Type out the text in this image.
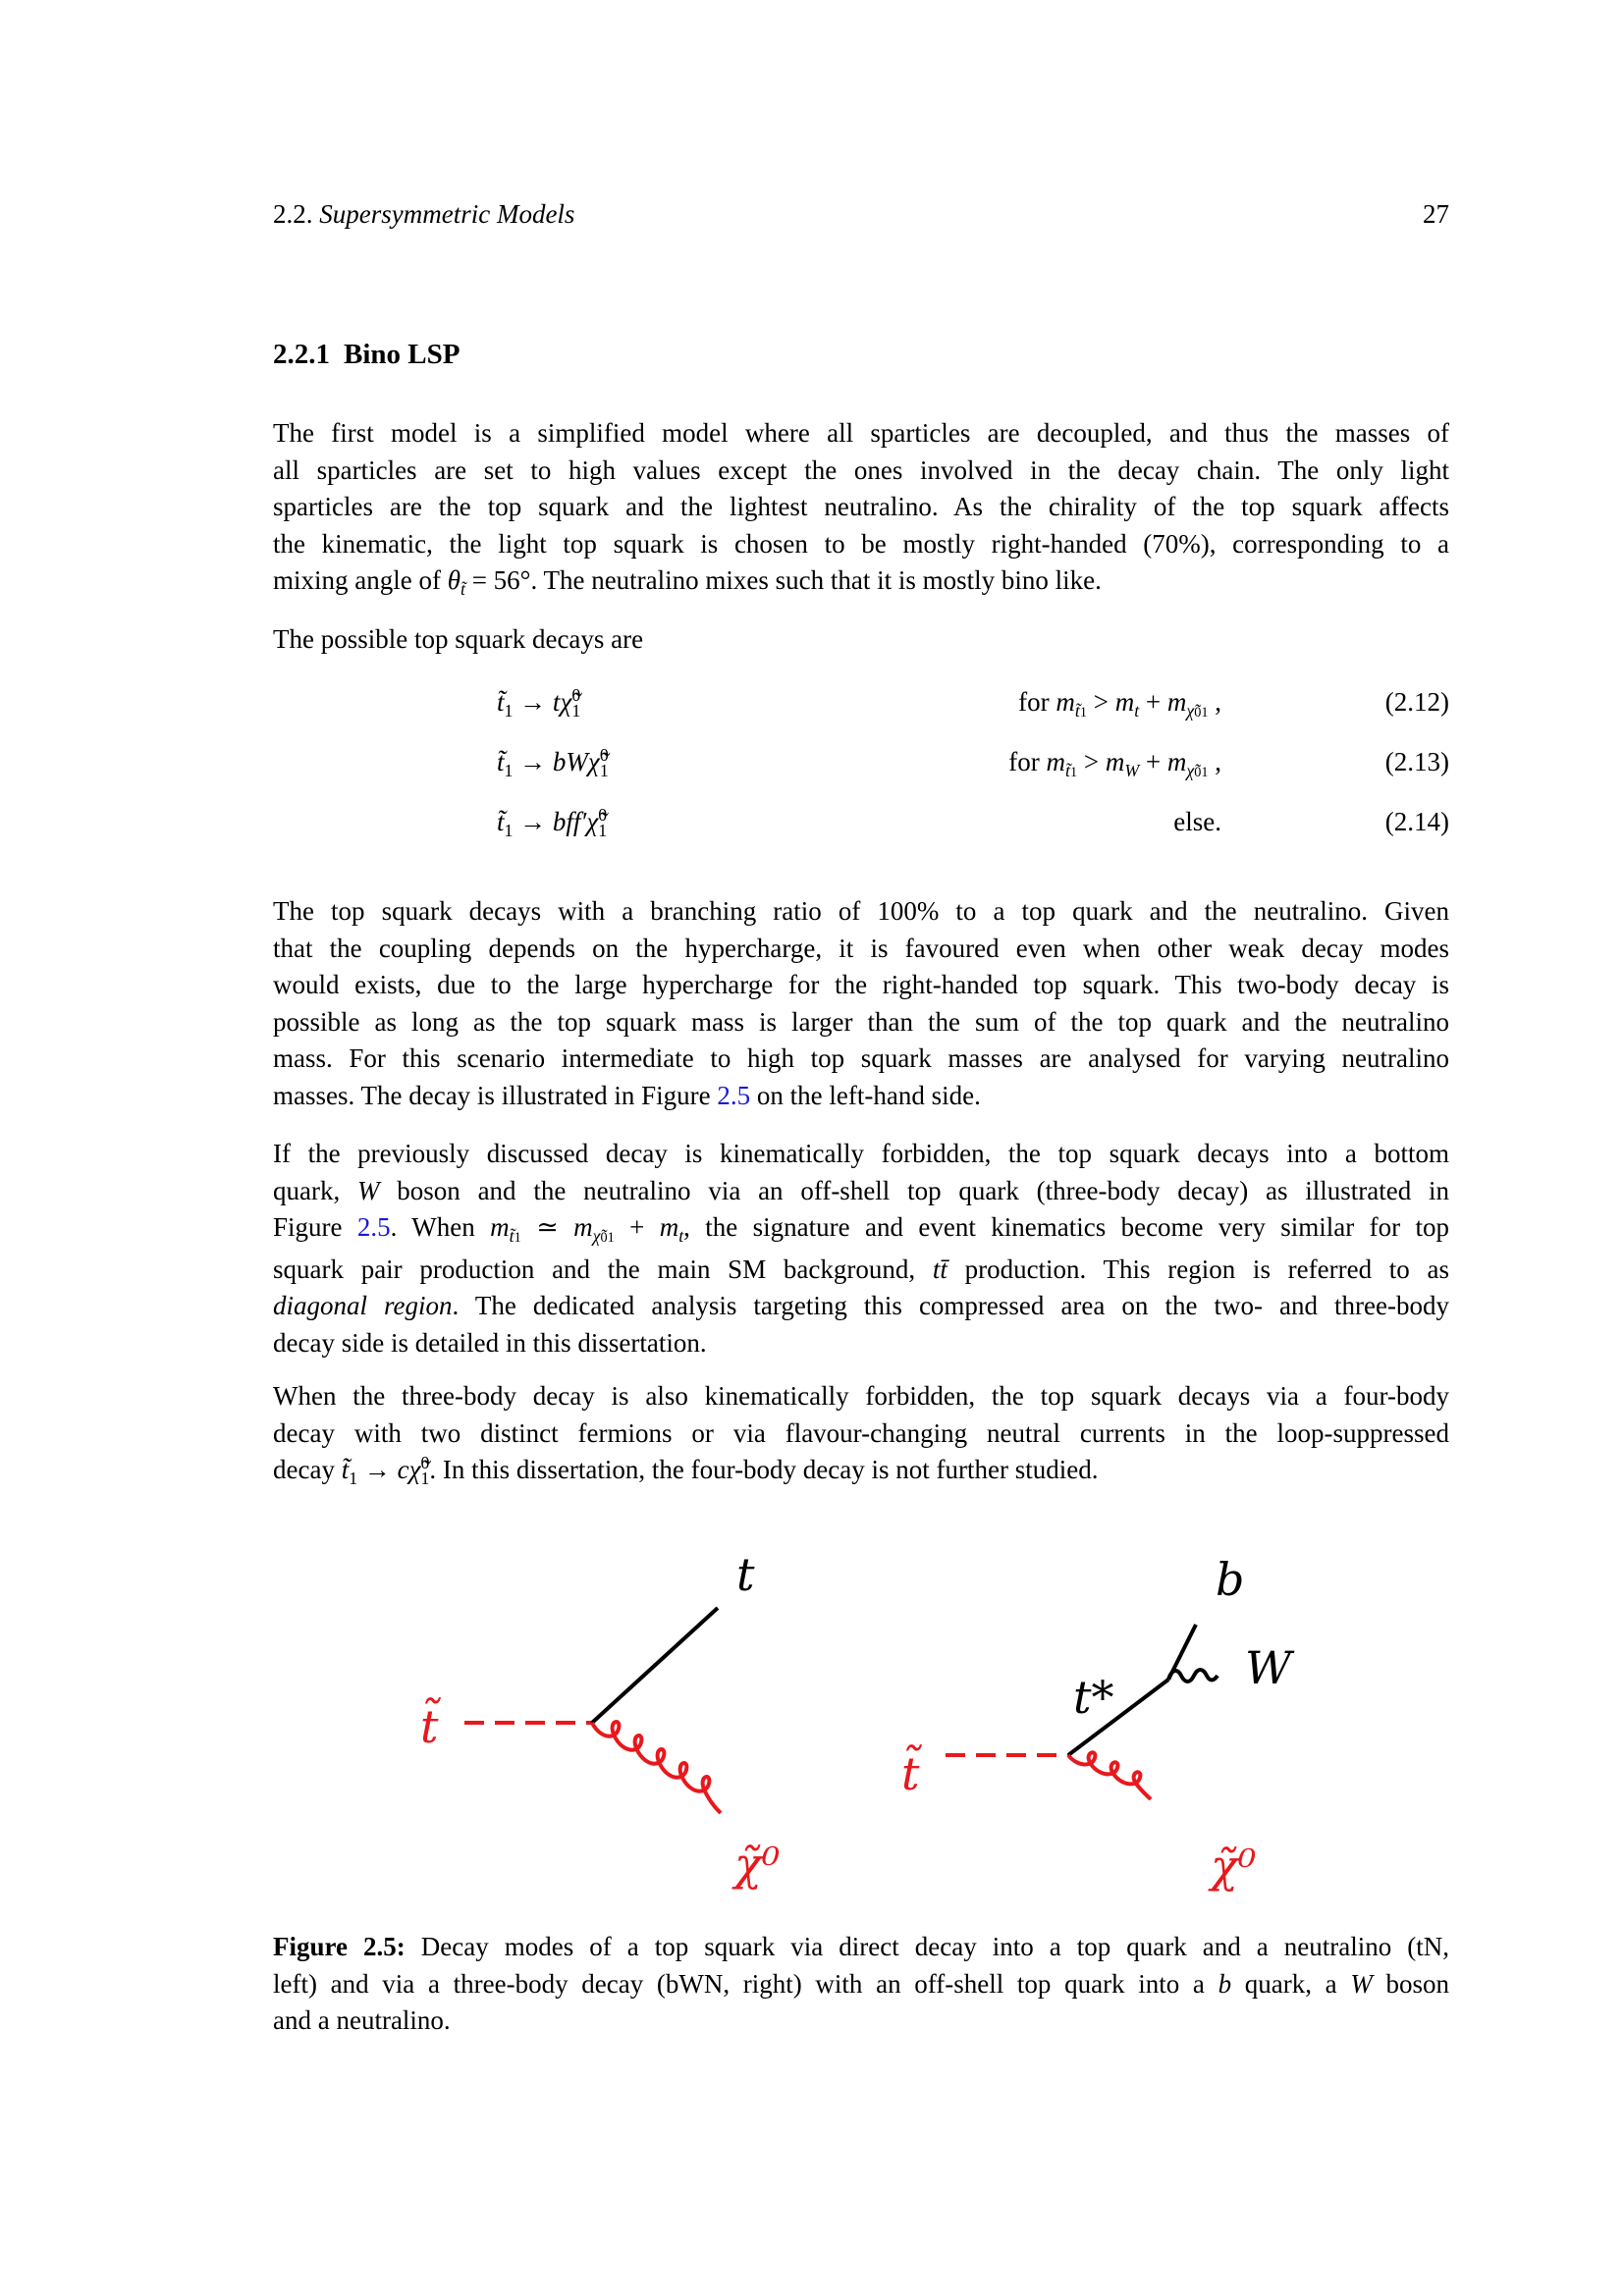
2.2. Supersymmetric Models	27
2.2.1 Bino LSP

The first model is a simplified model where all sparticles are decoupled, and thus the masses of
all sparticles are set to high values except the ones involved in the decay chain. The only light
sparticles are the top squark and the lightest neutralino. As the chirality of the top squark affects
the kinematic, the light top squark is chosen to be mostly right-handed (70%), corresponding to a
mixing angle of $\theta_{t̃} = 56^\circ$. The neutralino mixes such that it is mostly bino like.

The possible top squark decays are

$t̃_1$ → tχ̃$^0_1$	for mt̃1 > $m_t$ + mχ̃01 ,	(2.12)
$t̃_1$ → bWχ̃$^0_1$	for mt̃1 > $m_W$ + mχ̃01 ,	(2.13)
$t̃_1$ → bff′χ̃$^0_1$	else.	(2.14)

The top squark decays with a branching ratio of 100% to a top quark and the neutralino. Given
that the coupling depends on the hypercharge, it is favoured even when other weak decay modes
would exists, due to the large hypercharge for the right-handed top squark. This two-body decay is
possible as long as the top squark mass is larger than the sum of the top quark and the neutralino
mass. For this scenario intermediate to high top squark masses are analysed for varying neutralino
masses. The decay is illustrated in Figure 2.5 on the left-hand side.

If the previously discussed decay is kinematically forbidden, the top squark decays into a bottom
quark, W boson and the neutralino via an off-shell top quark (three-body decay) as illustrated in
Figure 2.5. When mt̃1 ≃ mχ̃01 + $m_t$, the signature and event kinematics become very similar for top
squark pair production and the main SM background, tt̄ production. This region is referred to as
diagonal region. The dedicated analysis targeting this compressed area on the two- and three-body
decay side is detailed in this dissertation.

When the three-body decay is also kinematically forbidden, the top squark decays via a four-body
decay with two distinct fermions or via flavour-changing neutral currents in the loop-suppressed
decay $t̃_1$ → cχ̃$^0_1$. In this dissertation, the four-body decay is not further studied.

t̃
t
χ̃⁰
t̃
t*
b
W
χ̃⁰
Figure 2.5: Decay modes of a top squark via direct decay into a top quark and a neutralino (tN,
left) and via a three-body decay (bWN, right) with an off-shell top quark into a b quark, a W boson
and a neutralino.
